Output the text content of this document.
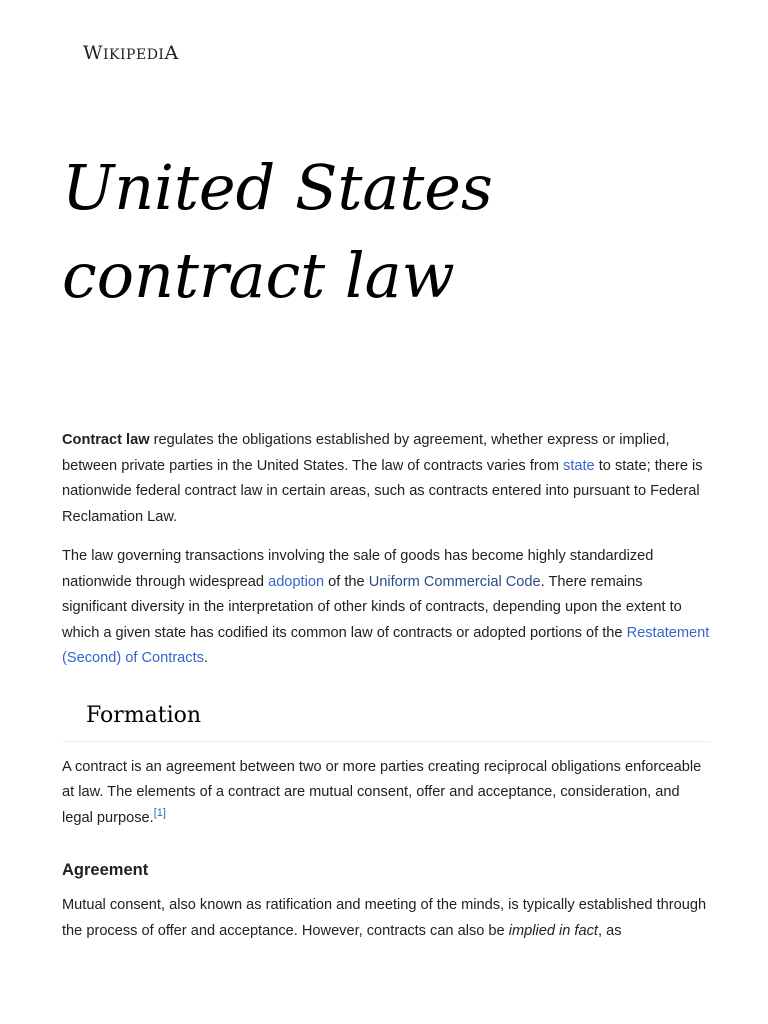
WIKIPEDIA
United States contract law

Contract law regulates the obligations established by agreement, whether express or implied, between private parties in the United States. The law of contracts varies from state to state; there is nationwide federal contract law in certain areas, such as contracts entered into pursuant to Federal Reclamation Law.

The law governing transactions involving the sale of goods has become highly standardized nationwide through widespread adoption of the Uniform Commercial Code. There remains significant diversity in the interpretation of other kinds of contracts, depending upon the extent to which a given state has codified its common law of contracts or adopted portions of the Restatement (Second) of Contracts.

Formation

A contract is an agreement between two or more parties creating reciprocal obligations enforceable at law. The elements of a contract are mutual consent, offer and acceptance, consideration, and legal purpose.[1]

Agreement

Mutual consent, also known as ratification and meeting of the minds, is typically established through the process of offer and acceptance. However, contracts can also be implied in fact, as
